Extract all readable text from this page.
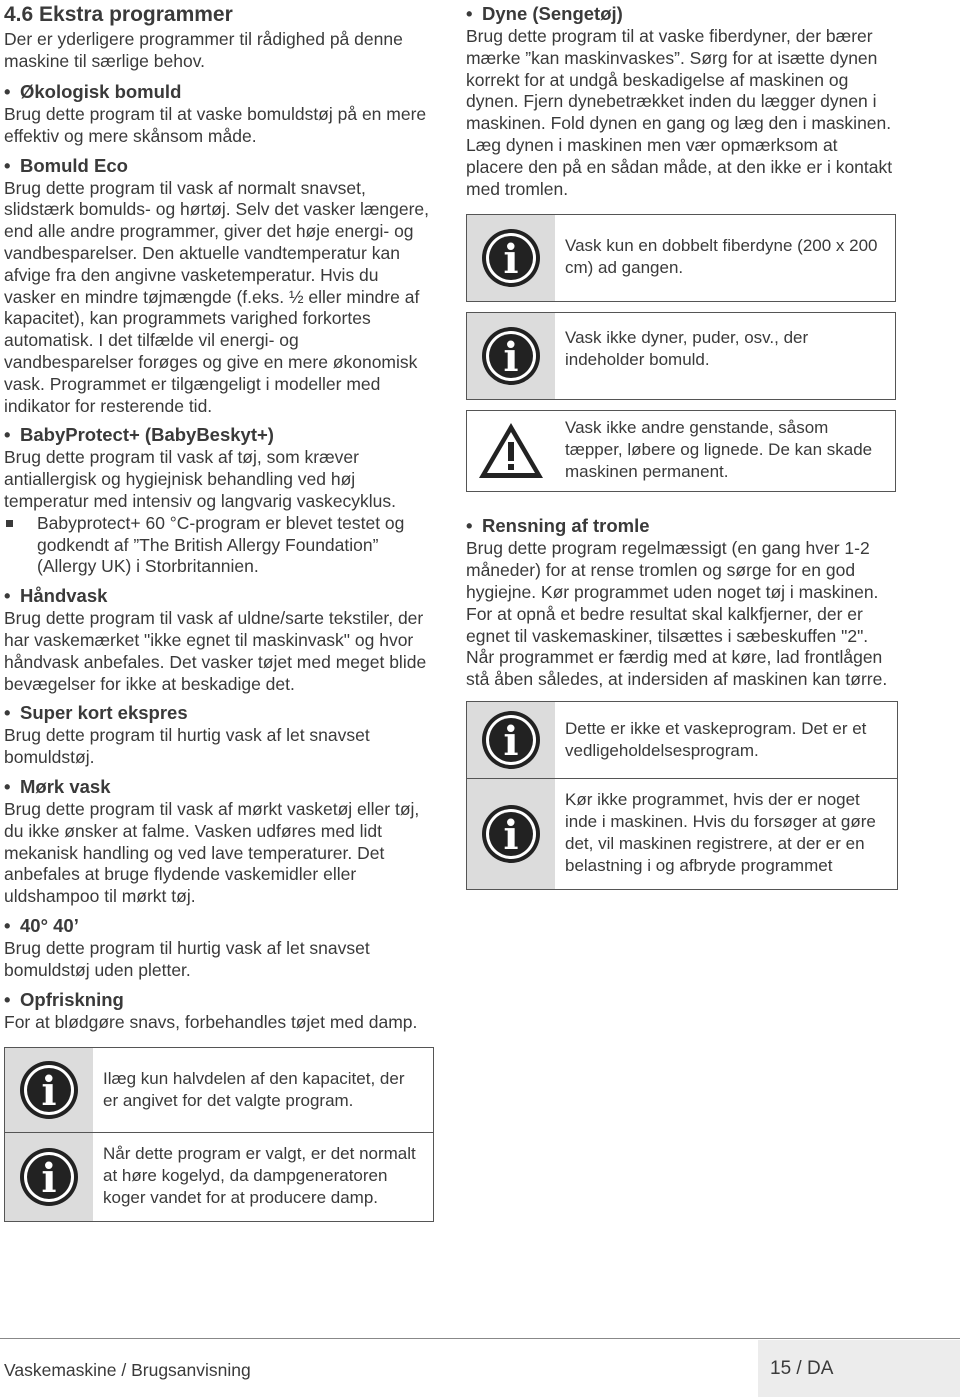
4.6 Ekstra programmer

Der er yderligere programmer til rådighed på denne maskine til særlige behov.

• Økologisk bomuld

Brug dette program til at vaske bomuldstøj på en mere effektiv og mere skånsom måde.

• Bomuld Eco

Brug dette program til vask af normalt snavset, slidstærk bomulds- og hørtøj. Selv det vasker længere, end alle andre programmer, giver det høje energi- og vandbesparelser. Den aktuelle vandtemperatur kan afvige fra den angivne vasketemperatur. Hvis du vasker en mindre tøjmængde (f.eks. ½ eller mindre af kapacitet), kan programmets varighed forkortes automatisk. I det tilfælde vil energi- og vandbesparelser forøges og give en mere økonomisk vask. Programmet er tilgængeligt i modeller med indikator for resterende tid.

• BabyProtect+ (BabyBeskyt+)

Brug dette program til vask af tøj, som kræver antiallergisk og hygiejnisk behandling ved høj temperatur med intensiv og langvarig vaskecyklus.

Babyprotect+ 60 °C-program er blevet testet og godkendt af ”The British Allergy Foundation” (Allergy UK) i Storbritannien.

• Håndvask

Brug dette program til vask af uldne/sarte tekstiler, der har vaskemærket "ikke egnet til maskinvask" og hvor håndvask anbefales. Det vasker tøjet med meget blide bevægelser for ikke at beskadige det.

• Super kort ekspres

Brug dette program til hurtig vask af let snavset bomuldstøj.

• Mørk vask

Brug dette program til vask af mørkt vasketøj eller tøj, du ikke ønsker at falme. Vasken udføres med lidt mekanisk handling og ved lave temperaturer. Det anbefales at bruge flydende vaskemidler eller uldshampoo til mørkt tøj.

• 40° 40’

Brug dette program til hurtig vask af let snavset bomuldstøj uden pletter.

• Opfriskning

For at blødgøre snavs, forbehandles tøjet med damp.

i	Ilæg kun halvdelen af den kapacitet, der er angivet for det valgte program.
i
Når dette program er valgt, er det normalt at høre kogelyd, da dampgeneratoren koger vandet for at producere damp.

• Dyne (Sengetøj)

Brug dette program til at vaske fiberdyner, der bærer mærke ”kan maskinvaskes”. Sørg for at isætte dynen korrekt for at undgå beskadigelse af maskinen og dynen. Fjern dynebetrækket inden du lægger dynen i maskinen. Fold dynen en gang og læg den i maskinen. Læg dynen i maskinen men vær opmærksom at placere den på en sådan måde, at den ikke er i kontakt med tromlen.

i	Vask kun en dobbelt fiberdyne (200 x 200 cm) ad gangen.
i	Vask ikke dyner, puder, osv., der indeholder bomuld.
Vask ikke andre genstande, såsom tæpper, løbere og lignede. De kan skade maskinen permanent.

• Rensning af tromle

Brug dette program regelmæssigt (en gang hver 1-2 måneder) for at rense tromlen og sørge for en god hygiejne. Kør programmet uden noget tøj i maskinen. For at opnå et bedre resultat skal kalkfjerner, der er egnet til vaskemaskiner, tilsættes i sæbeskuffen "2". Når programmet er færdig med at køre, lad frontlågen stå åben således, at indersiden af maskinen kan tørre.

i	Dette er ikke et vaskeprogram. Det er et vedligeholdelsesprogram.
i
Kør ikke programmet, hvis der er noget inde i maskinen. Hvis du forsøger at gøre det, vil maskinen registrere, at der er en belastning i og afbryde programmet
Vaskemaskine / Brugsanvisning	15 / DA
